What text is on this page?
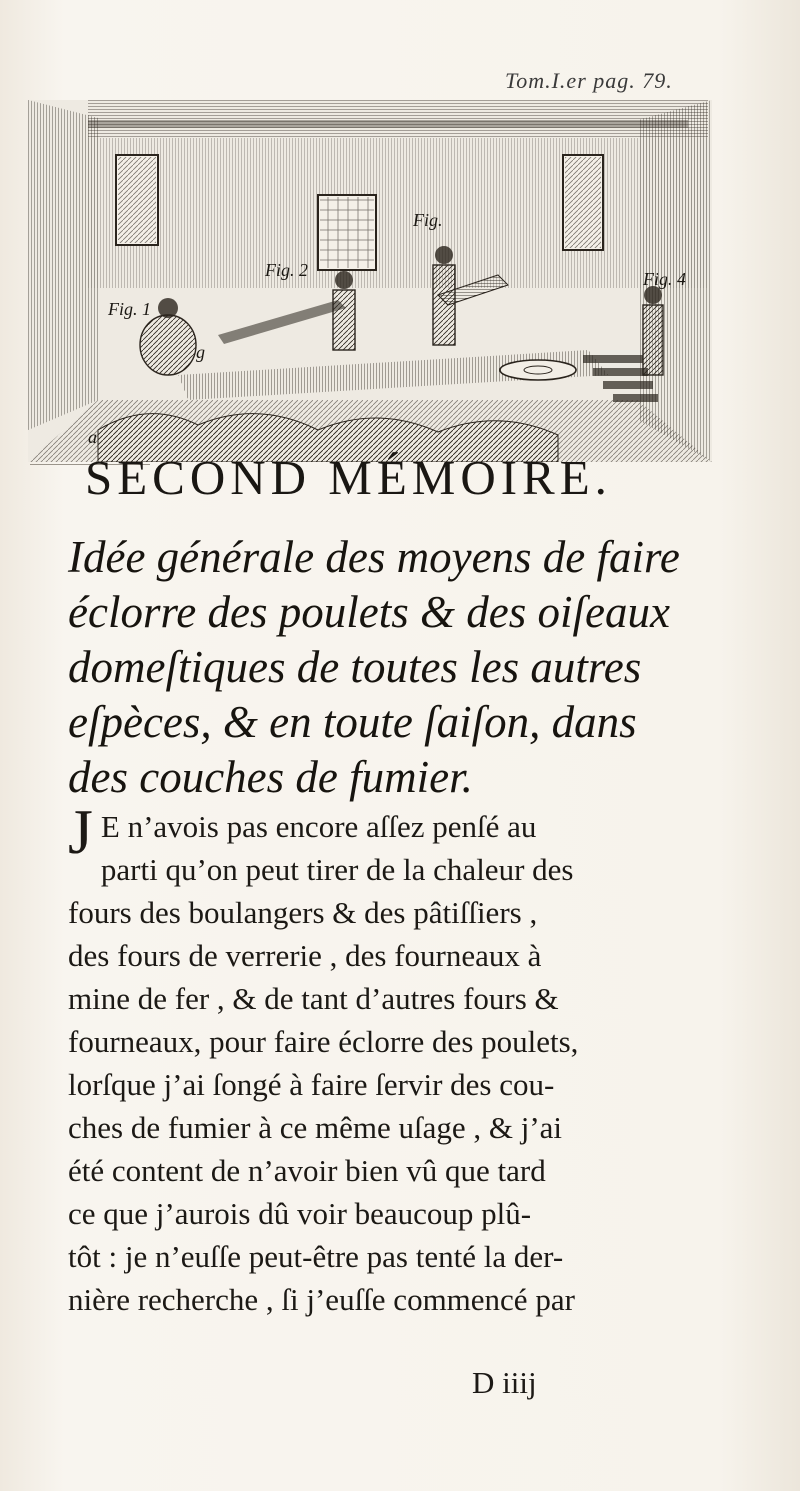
Tom.I.er pag. 79.
Fig. 2
Fig.
Fig. 4
Fig. 1
a
g
SECOND MÉMOIRE.
Idée générale des moyens de faire
éclorre des poulets & des oiſeaux
domeſtiques de toutes les autres
eſpèces, & en toute ſaiſon, dans
des couches de fumier.
J E n’avois pas encore aſſez penſé au
parti qu’on peut tirer de la chaleur des
fours des boulangers & des pâtiſſiers ,
des fours de verrerie , des fourneaux à
mine de fer , & de tant d’autres fours &
fourneaux, pour faire éclorre des poulets,
lorſque j’ai ſongé à faire ſervir des cou-
ches de fumier à ce même uſage , & j’ai
été content de n’avoir bien vû que tard
ce que j’aurois dû voir beaucoup plû-
tôt : je n’euſſe peut-être pas tenté la der-
nière recherche , ſi j’euſſe commencé par
D iiij
